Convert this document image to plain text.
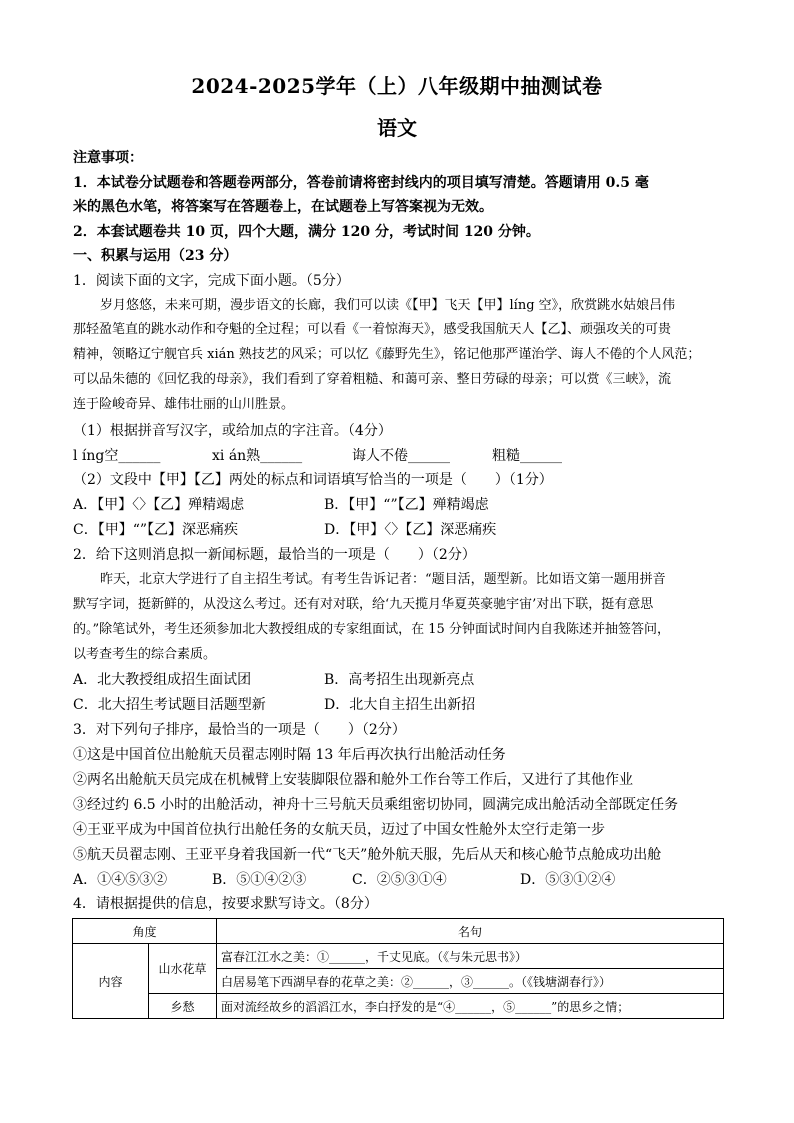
2024-2025学年（上）八年级期中抽测试卷
语文
注意事项：
1．本试卷分试题卷和答题卷两部分，答卷前请将密封线内的项目填写清楚。答题请用 0.5 毫
米的黑色水笔，将答案写在答题卷上，在试题卷上写答案视为无效。
2．本套试题卷共 10 页，四个大题，满分 120 分，考试时间 120 分钟。
一、积累与运用（23 分）
1．阅读下面的文字，完成下面小题。（5分）
岁月悠悠，未来可期，漫步语文的长廊，我们可以读《【甲】飞天【甲】líng 空》，欣赏跳水姑娘吕伟
那轻盈笔直的跳水动作和夺魁的全过程；可以看《一着惊海天》，感受我国航天人【乙】、顽强攻关的可贵
精神，领略辽宁舰官兵 xián 熟技艺的风采；可以忆《藤野先生》，铭记他那严谨治学、诲人不倦的个人风范；
可以品朱德的《回忆我的母亲》，我们看到了穿着粗糙、和蔼可亲、整日劳碌的母亲；可以赏《三峡》，流
连于险峻奇异、雄伟壮丽的山川胜景。
（1）根据拼音写汉字，或给加点的字注音。（4分）
l íng空______	xi án熟______	诲人不倦______	粗糙______
（2）文段中【甲】【乙】两处的标点和词语填写恰当的一项是（　　）（1分）
A．【甲】〈〉【乙】殚精竭虑	B．【甲】“”【乙】殚精竭虑
C．【甲】“”【乙】深恶痛疾	D．【甲】〈〉【乙】深恶痛疾
2．给下这则消息拟一新闻标题，最恰当的一项是（　　）（2分）
昨天，北京大学进行了自主招生考试。有考生告诉记者：“题目活，题型新。比如语文第一题用拼音
默写字词，挺新鲜的，从没这么考过。还有对对联，给‘九天揽月华夏英豪驰宇宙’对出下联，挺有意思
的。”除笔试外，考生还须参加北大教授组成的专家组面试，在 15 分钟面试时间内自我陈述并抽签答问，
以考查考生的综合素质。
A．北大教授组成招生面试团	B．高考招生出现新亮点
C．北大招生考试题目活题型新	D．北大自主招生出新招
3．对下列句子排序，最恰当的一项是（　　）（2分）
①这是中国首位出舱航天员翟志刚时隔 13 年后再次执行出舱活动任务
②两名出舱航天员完成在机械臂上安装脚限位器和舱外工作台等工作后，又进行了其他作业
③经过约 6.5 小时的出舱活动，神舟十三号航天员乘组密切协同，圆满完成出舱活动全部既定任务
④王亚平成为中国首位执行出舱任务的女航天员，迈过了中国女性舱外太空行走第一步
⑤航天员翟志刚、王亚平身着我国新一代“飞天”舱外航天服，先后从天和核心舱节点舱成功出舱
A．①④⑤③②	B．⑤①④②③	C．②⑤③①④	D．⑤③①②④
4．请根据提供的信息，按要求默写诗文。（8分）
角度		名句
内容	山水花草	富春江江水之美：①______，千丈见底。（《与朱元思书》）
		白居易笔下西湖早春的花草之美：②______，③______。（《钱塘湖春行》）
	乡愁	面对流经故乡的滔滔江水，李白抒发的是“④______，⑤______”的思乡之情；
